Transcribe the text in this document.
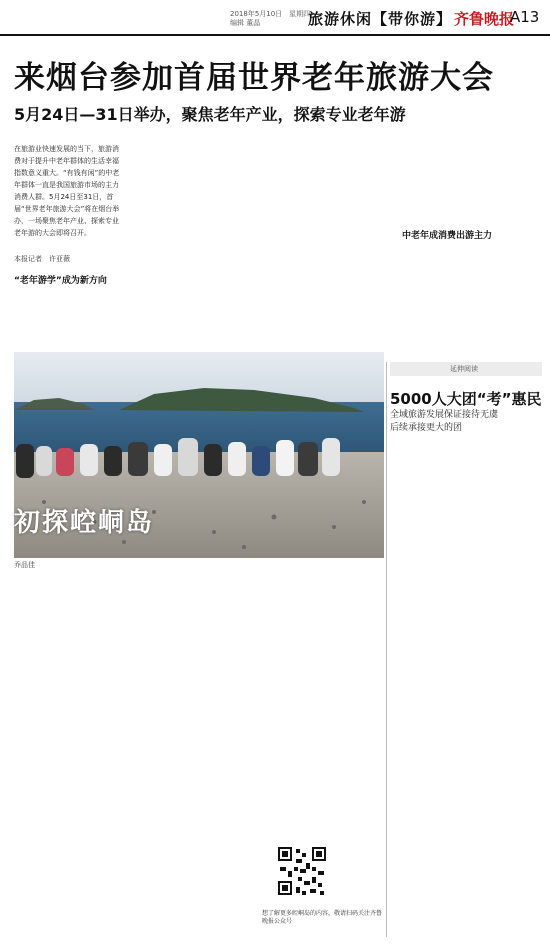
2018年5月10日　星期四
编辑 董晶	旅游休闲【带你游】 齐鲁晚报
A13
来烟台参加首届世界老年旅游大会
5月24日—31日举办，聚焦老年产业，探索专业老年游
在旅游业快速发展的当下，旅游消费对于提升中老年群体的生活幸福指数意义重大。“有钱有闲”的中老年群体一直是我国旅游市场的主力消费人群。5月24日至31日，首届“世界老年旅游大会”将在烟台举办，一场聚焦老年产业、探索专业老年游的大会即将召开。
本报记者　许亚薇
“老年游学”成为新方向
中老年成消费出游主力
初探崆峒岛
乔品佳
延伸阅读
5000人大团“考”惠民
全域旅游发展保证接待无虞
后续承接更大的团
想了解更多崆峒岛的内容，敬请扫码关注齐鲁晚报公众号
